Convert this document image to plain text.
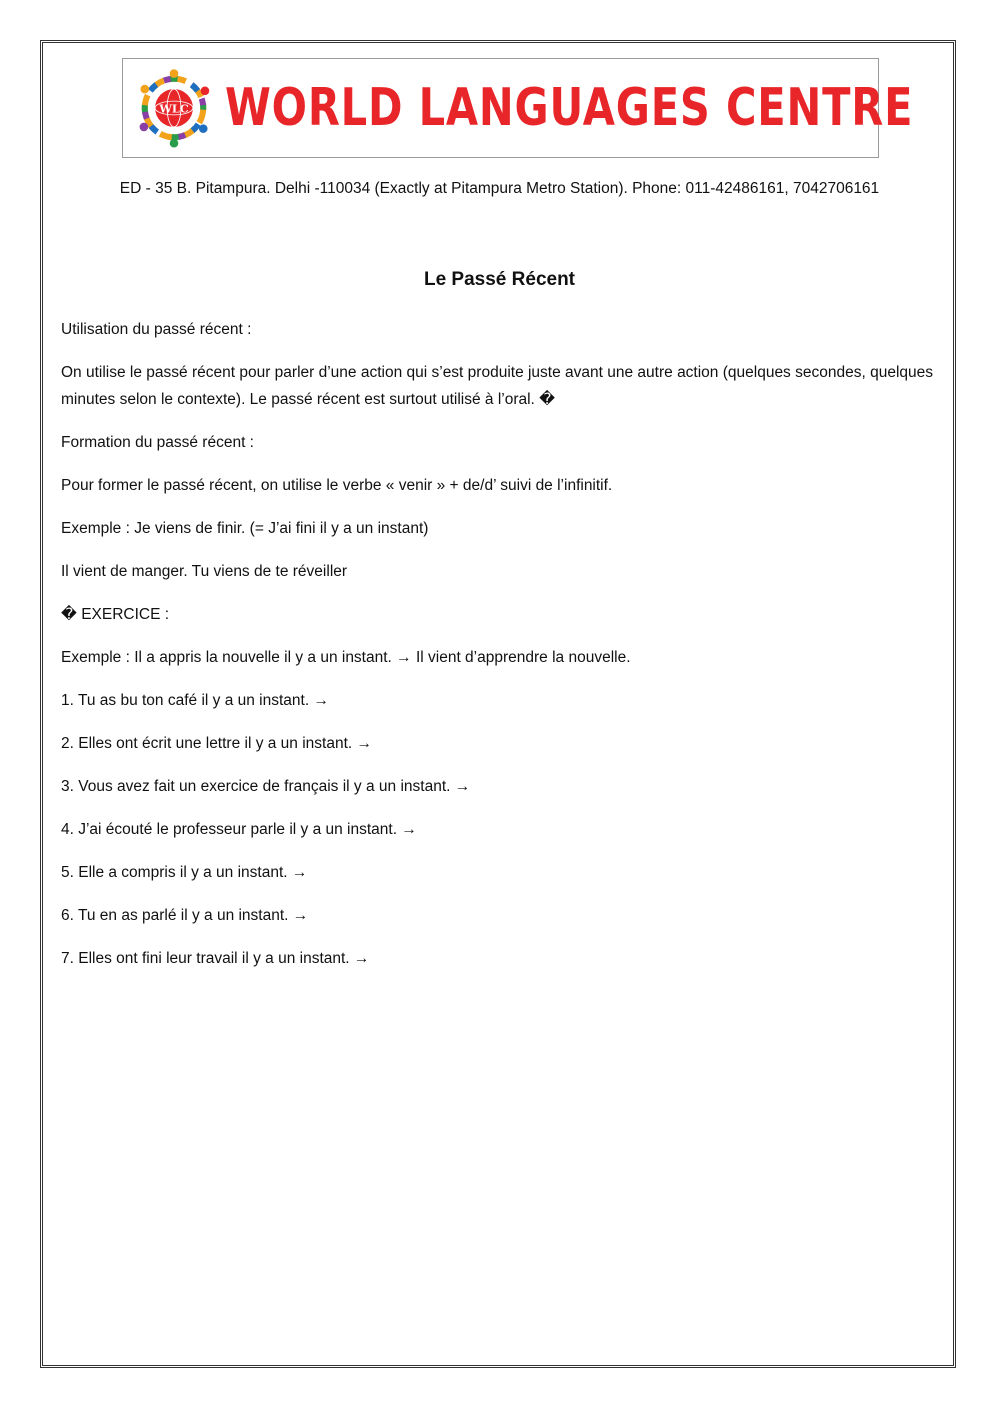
WLC WORLD LANGUAGES CENTRE
ED - 35 B. Pitampura. Delhi -110034 (Exactly at Pitampura Metro Station). Phone: 011-42486161, 7042706161
Le Passé Récent

Utilisation du passé récent :

On utilise le passé récent pour parler d’une action qui s’est produite juste avant une autre action (quelques secondes, quelques minutes selon le contexte). Le passé récent est surtout utilisé à l’oral. �

Formation du passé récent :

Pour former le passé récent, on utilise le verbe « venir » + de/d’ suivi de l’infinitif.

Exemple : Je viens de finir. (= J’ai fini il y a un instant)

Il vient de manger. Tu viens de te réveiller

� EXERCICE :

Exemple : Il a appris la nouvelle il y a un instant. → Il vient d’apprendre la nouvelle.

1. Tu as bu ton café il y a un instant. →

2. Elles ont écrit une lettre il y a un instant. →

3. Vous avez fait un exercice de français il y a un instant. →

4. J’ai écouté le professeur parle il y a un instant. →

5. Elle a compris il y a un instant. →

6. Tu en as parlé il y a un instant. →

7. Elles ont fini leur travail il y a un instant. →
